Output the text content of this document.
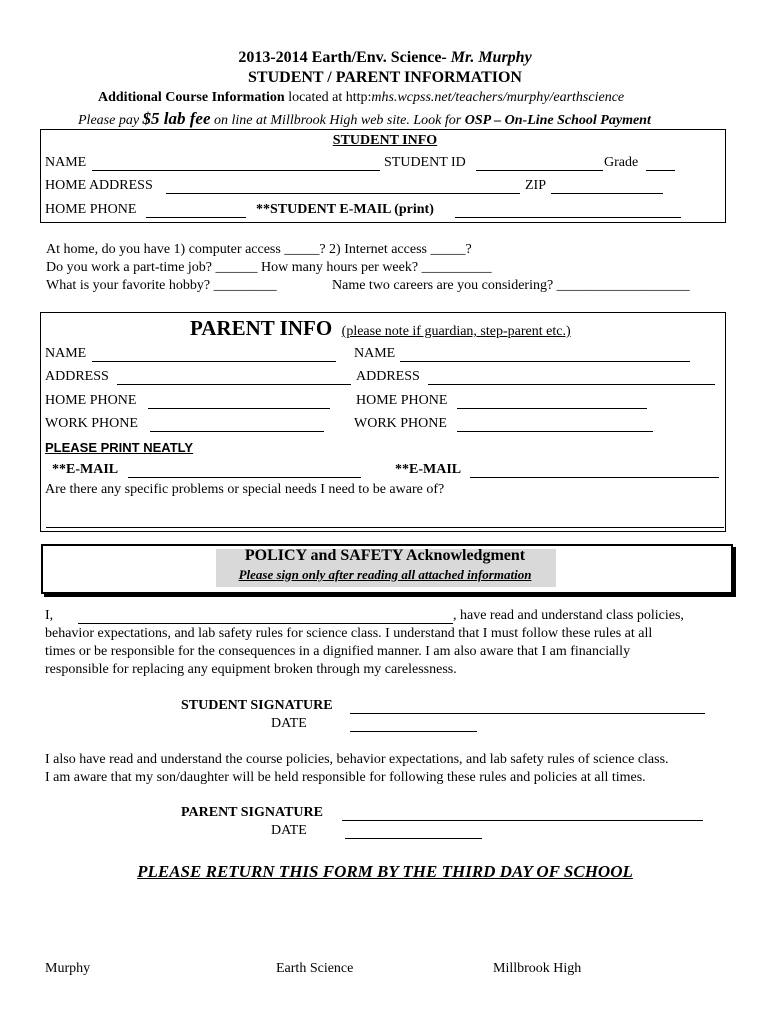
2013-2014 Earth/Env. Science- Mr. Murphy
STUDENT / PARENT INFORMATION
Additional Course Information located at http:mhs.wcpss.net/teachers/murphy/earthscience
Please pay $5 lab fee on line at Millbrook High web site. Look for OSP – On-Line School Payment
STUDENT INFO
NAME	STUDENT ID	Grade
HOME ADDRESS	ZIP
HOME PHONE	**STUDENT E-MAIL (print)
At home, do you have 1) computer access _____? 2) Internet access _____?
Do you work a part-time job? ______ How many hours per week? __________
What is your favorite hobby? _________	Name two careers are you considering? ___________________
PARENT INFO (please note if guardian, step-parent etc.)
NAME	NAME
ADDRESS	ADDRESS
HOME PHONE	HOME PHONE
WORK PHONE	WORK PHONE
PLEASE PRINT NEATLY
**E-MAIL	**E-MAIL
Are there any specific problems or special needs I need to be aware of?
POLICY and SAFETY Acknowledgment
Please sign only after reading all attached information
I,	, have read and understand class policies,
behavior expectations, and lab safety rules for science class. I understand that I must follow these rules at all
times or be responsible for the consequences in a dignified manner. I am also aware that I am financially
responsible for replacing any equipment broken through my carelessness.
STUDENT SIGNATURE
DATE
I also have read and understand the course policies, behavior expectations, and lab safety rules of science class.
I am aware that my son/daughter will be held responsible for following these rules and policies at all times.
PARENT SIGNATURE
DATE
PLEASE RETURN THIS FORM BY THE THIRD DAY OF SCHOOL
Murphy	Earth Science	Millbrook High
